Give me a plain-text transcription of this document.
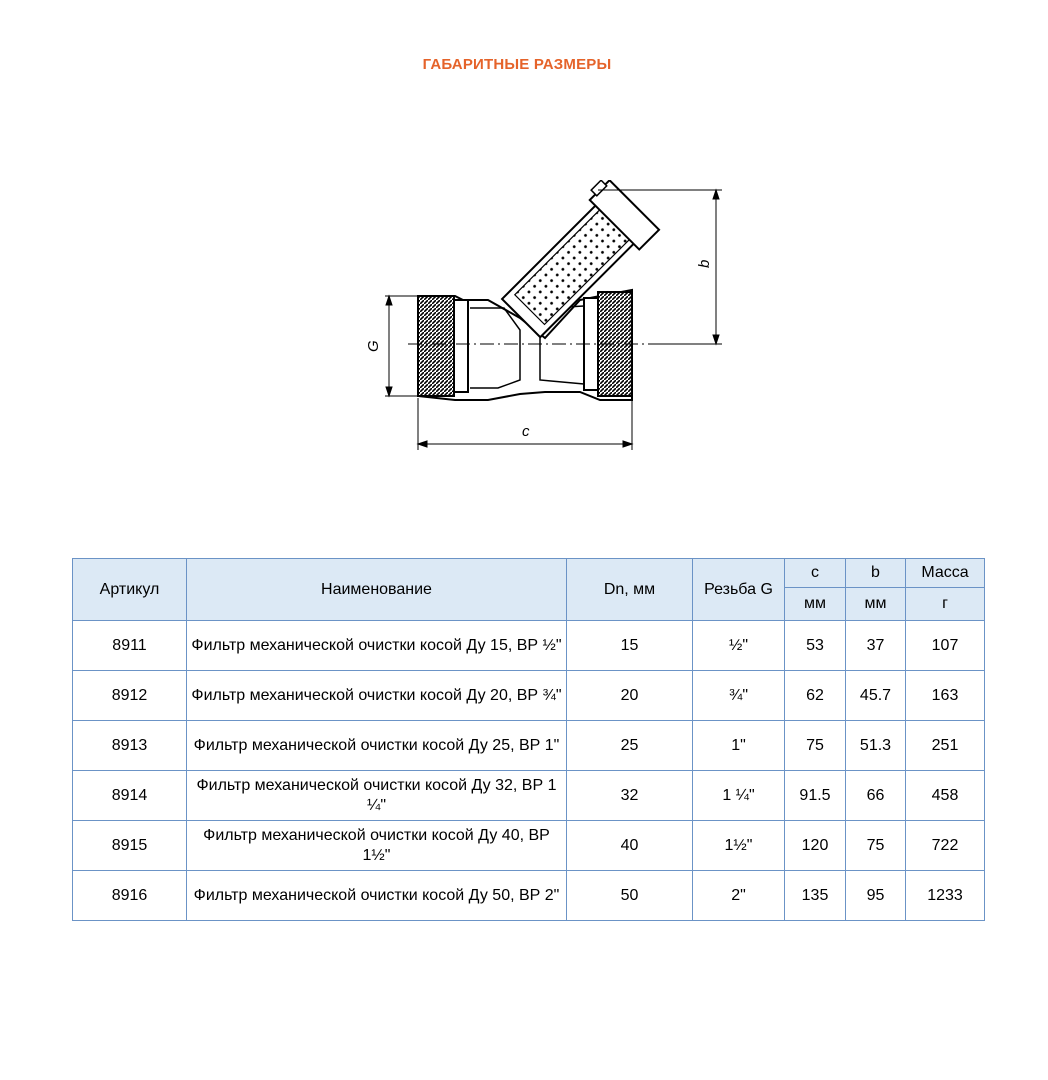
ГАБАРИТНЫЕ РАЗМЕРЫ
b
G
c
Артикул	Наименование	Dn, мм	Резьба G	c	b	Масса
				мм	мм	г
8911	Фильтр механической очистки косой Ду 15, ВР ½"	15	½"	53	37	107
8912	Фильтр механической очистки косой Ду 20, ВР ¾"	20	¾"	62	45.7	163
8913	Фильтр механической очистки косой Ду 25, ВР 1"	25	1"	75	51.3	251
8914	Фильтр механической очистки косой Ду 32, ВР 1 ¼"	32	1 ¼"	91.5	66	458
8915	Фильтр механической очистки косой Ду 40, ВР 1½"	40	1½"	120	75	722
8916	Фильтр механической очистки косой Ду 50, ВР 2"	50	2"	135	95	1233
